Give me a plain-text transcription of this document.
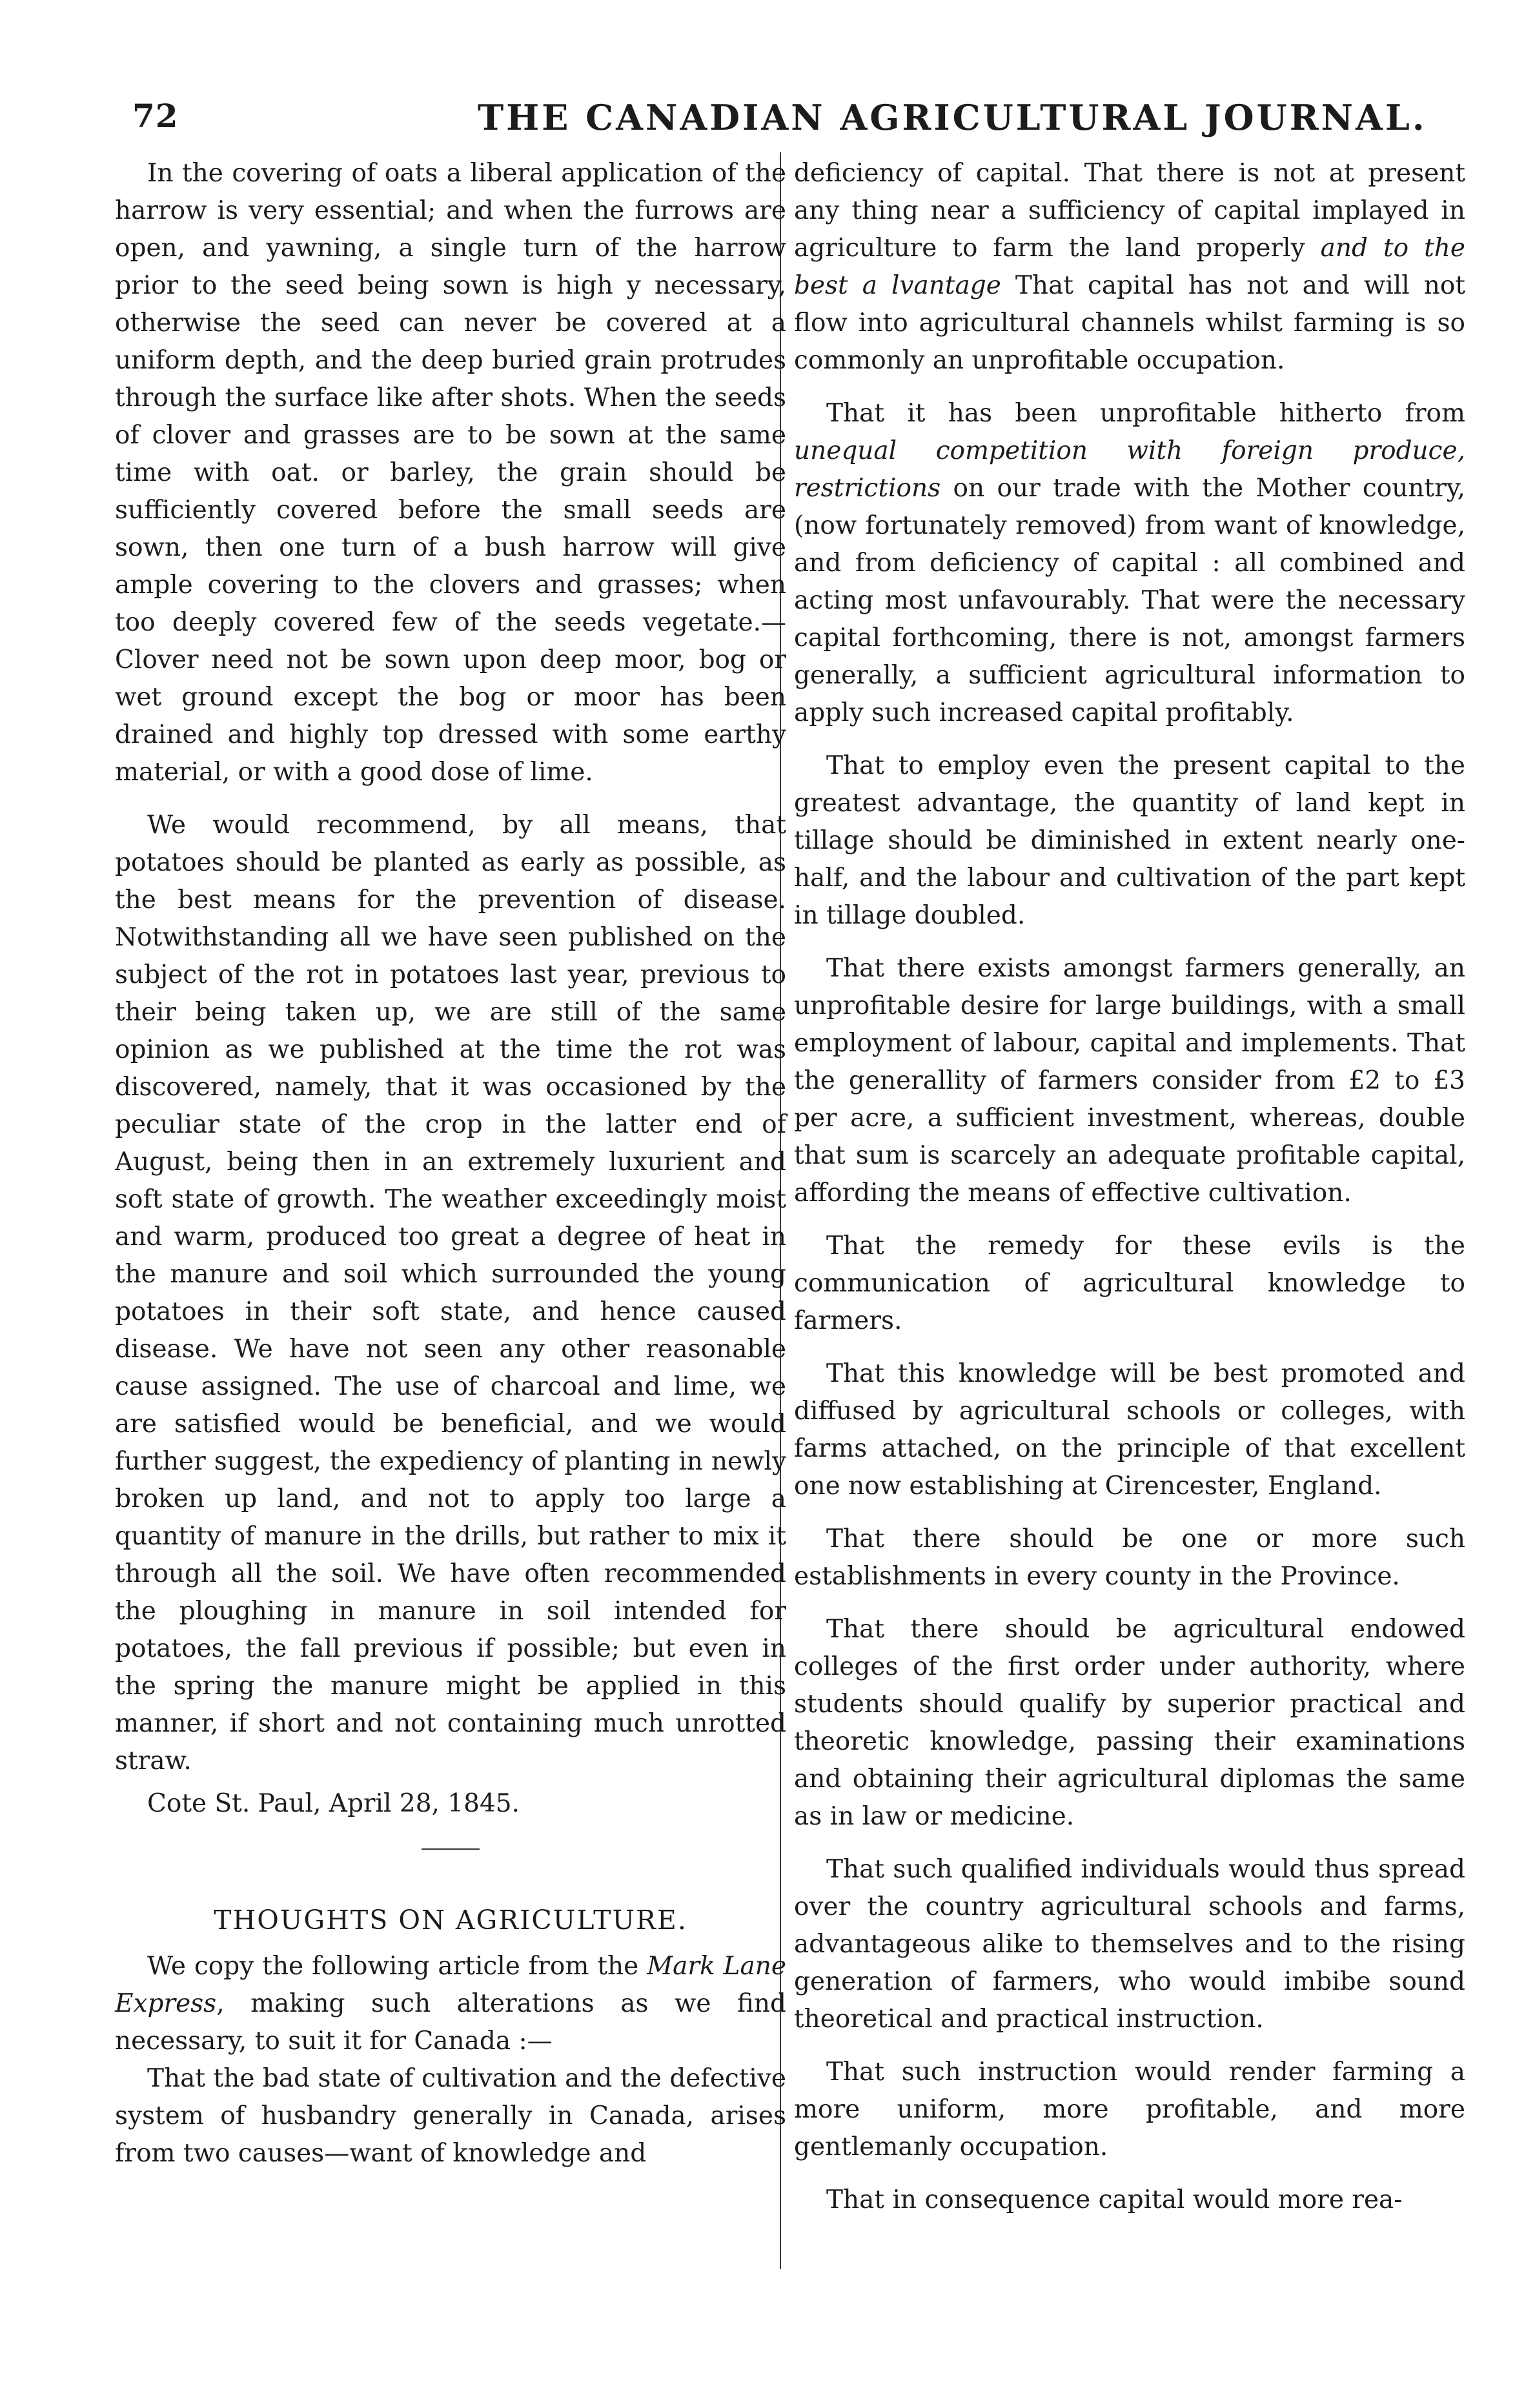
72	THE CANADIAN AGRICULTURAL JOURNAL.

In the covering of oats a liberal application of the harrow is very essential; and when the furrows are open, and yawning, a single turn of the harrow prior to the seed being sown is high y necessary, otherwise the seed can never be covered at a uniform depth, and the deep buried grain protrudes through the surface like after shots. When the seeds of clover and grasses are to be sown at the same time with oat. or barley, the grain should be sufficiently covered before the small seeds are sown, then one turn of a bush harrow will give ample covering to the clovers and grasses; when too deeply covered few of the seeds vegetate.—Clover need not be sown upon deep moor, bog or wet ground except the bog or moor has been drained and highly top dressed with some earthy material, or with a good dose of lime.

We would recommend, by all means, that potatoes should be planted as early as possible, as the best means for the prevention of disease. Notwithstanding all we have seen published on the subject of the rot in potatoes last year, previous to their being taken up, we are still of the same opinion as we published at the time the rot was discovered, namely, that it was occasioned by the peculiar state of the crop in the latter end of August, being then in an extremely luxurient and soft state of growth. The weather exceedingly moist and warm, produced too great a degree of heat in the manure and soil which surrounded the young potatoes in their soft state, and hence caused disease. We have not seen any other reasonable cause assigned. The use of charcoal and lime, we are satisfied would be beneficial, and we would further suggest, the expediency of planting in newly broken up land, and not to apply too large a quantity of manure in the drills, but rather to mix it through all the soil. We have often recommended the ploughing in manure in soil intended for potatoes, the fall previous if possible; but even in the spring the manure might be applied in this manner, if short and not containing much unrotted straw.

Cote St. Paul, April 28, 1845.

THOUGHTS ON AGRICULTURE.

We copy the following article from the Mark Lane Express, making such alterations as we find necessary, to suit it for Canada :—

That the bad state of cultivation and the defective system of husbandry generally in Canada, arises from two causes—want of knowledge and

deficiency of capital. That there is not at present any thing near a sufficiency of capital implayed in agriculture to farm the land properly and to the best a lvantage That capital has not and will not flow into agricultural channels whilst farming is so commonly an unprofitable occupation.

That it has been unprofitable hitherto from unequal competition with foreign produce, restrictions on our trade with the Mother country, (now fortunately removed) from want of knowledge, and from deficiency of capital : all combined and acting most unfavourably. That were the necessary capital forthcoming, there is not, amongst farmers generally, a sufficient agricultural information to apply such increased capital profitably.

That to employ even the present capital to the greatest advantage, the quantity of land kept in tillage should be diminished in extent nearly one-half, and the labour and cultivation of the part kept in tillage doubled.

That there exists amongst farmers generally, an unprofitable desire for large buildings, with a small employment of labour, capital and implements. That the generallity of farmers consider from £2 to £3 per acre, a sufficient investment, whereas, double that sum is scarcely an adequate profitable capital, affording the means of effective cultivation.

That the remedy for these evils is the communication of agricultural knowledge to farmers.

That this knowledge will be best promoted and diffused by agricultural schools or colleges, with farms attached, on the principle of that excellent one now establishing at Cirencester, England.

That there should be one or more such establishments in every county in the Province.

That there should be agricultural endowed colleges of the first order under authority, where students should qualify by superior practical and theoretic knowledge, passing their examinations and obtaining their agricultural diplomas the same as in law or medicine.

That such qualified individuals would thus spread over the country agricultural schools and farms, advantageous alike to themselves and to the rising generation of farmers, who would imbibe sound theoretical and practical instruction.

That such instruction would render farming a more uniform, more profitable, and more gentlemanly occupation.

That in consequence capital would more rea-
